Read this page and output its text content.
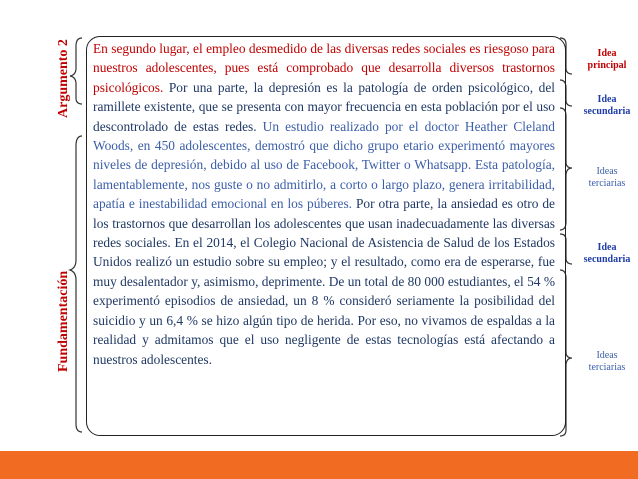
Argumento 2
Fundamentación

En segundo lugar, el empleo desmedido de las diversas redes sociales es riesgoso para nuestros adolescentes, pues está comprobado que desarrolla diversos trastornos psicológicos. Por una parte, la depresión es la patología de orden psicológico, del ramillete existente, que se presenta con mayor frecuencia en esta población por el uso descontrolado de estas redes. Un estudio realizado por el doctor Heather Cleland Woods, en 450 adolescentes, demostró que dicho grupo etario experimentó mayores niveles de depresión, debido al uso de Facebook, Twitter o Whatsapp. Esta patología, lamentablemente, nos guste o no admitirlo, a corto o largo plazo, genera irritabilidad, apatía e inestabilidad emocional en los púberes. Por otra parte, la ansiedad es otro de los trastornos que desarrollan los adolescentes que usan inadecuadamente las diversas redes sociales. En el 2014, el Colegio Nacional de Asistencia de Salud de los Estados Unidos realizó un estudio sobre su empleo; y el resultado, como era de esperarse, fue muy desalentador y, asimismo, deprimente. De un total de 80 000 estudiantes, el 54 % experimentó episodios de ansiedad, un 8 % consideró seriamente la posibilidad del suicidio y un 6,4 % se hizo algún tipo de herida. Por eso, no vivamos de espaldas a la realidad y admitamos que el uso negligente de estas tecnologías está afectando a nuestros adolescentes.

Idea principal
Idea secundaria
Ideas terciarias
Idea secundaria
Ideas terciarias
